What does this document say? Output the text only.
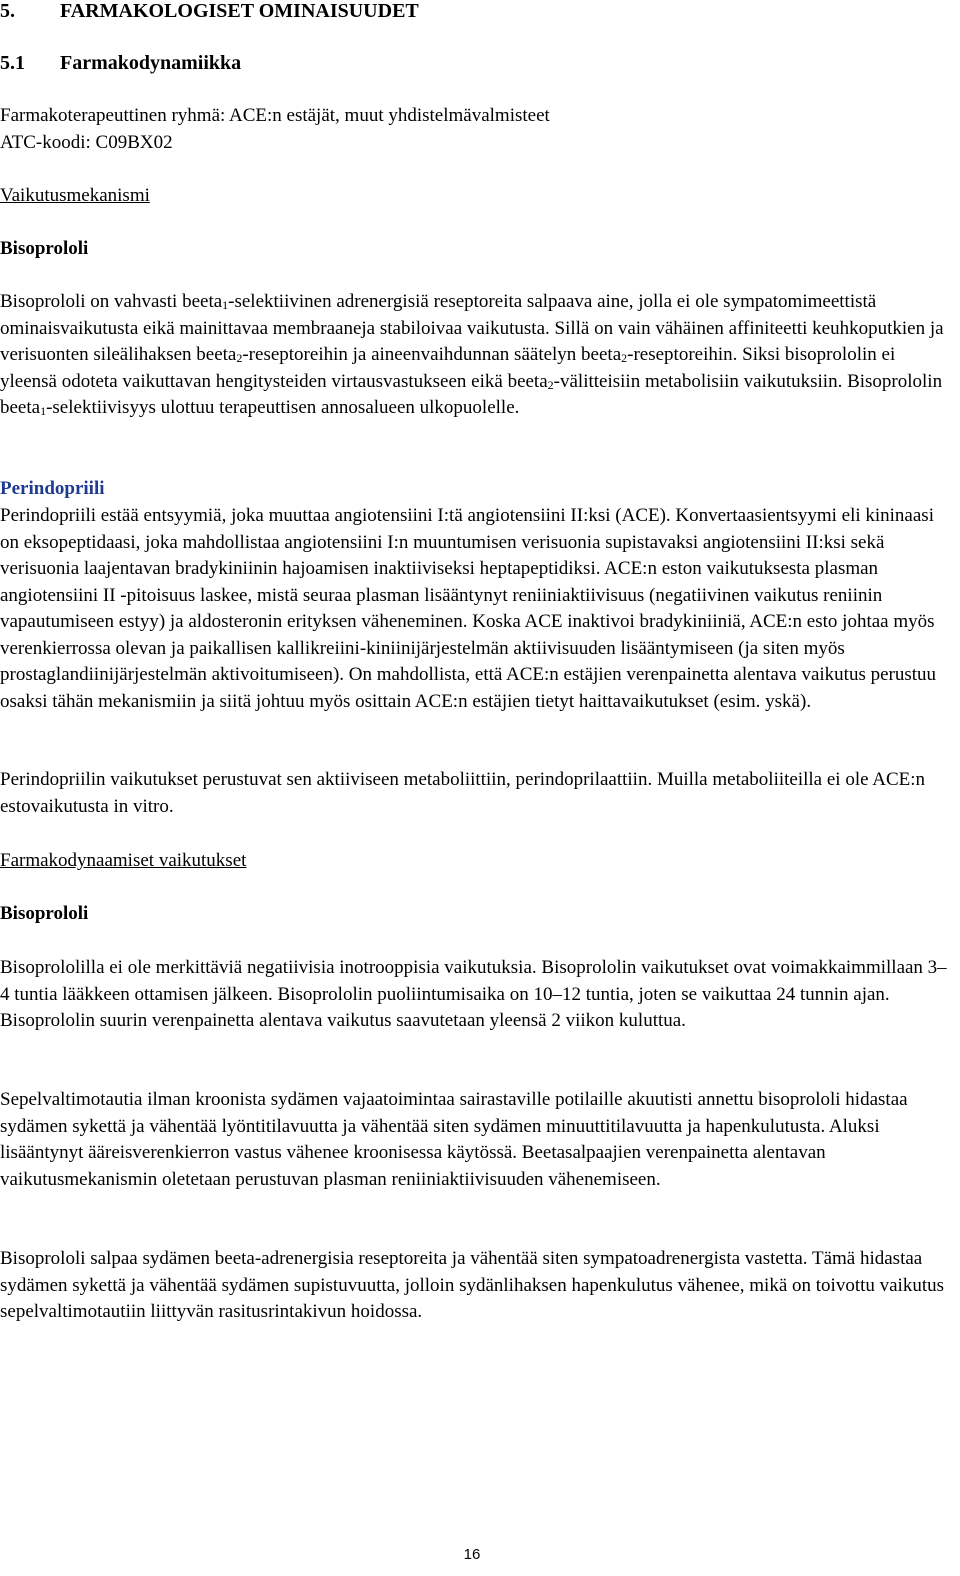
5. FARMAKOLOGISET OMINAISUUDET
5.1 Farmakodynamiikka
Farmakoterapeuttinen ryhmä: ACE:n estäjät, muut yhdistelmävalmisteet
ATC-koodi: C09BX02
Vaikutusmekanismi
Bisoprololi

Bisoprololi on vahvasti beeta$_1$-selektiivinen adrenergisiä reseptoreita salpaava aine, jolla ei ole sympatomimeettistä ominaisvaikutusta eikä mainittavaa membraaneja stabiloivaa vaikutusta. Sillä on vain vähäinen affiniteetti keuhkoputkien ja verisuonten sileälihaksen beeta$_2$-reseptoreihin ja aineenvaihdunnan säätelyn beeta$_2$-reseptoreihin. Siksi bisoprololin ei yleensä odoteta vaikuttavan hengitysteiden virtausvastukseen eikä beeta$_2$-välitteisiin metabolisiin vaikutuksiin. Bisoprololin beeta$_1$-selektiivisyys ulottuu terapeuttisen annosalueen ulkopuolelle.

Perindopriili

Perindopriili estää entsyymiä, joka muuttaa angiotensiini I:tä angiotensiini II:ksi (ACE). Konvertaasientsyymi eli kininaasi on eksopeptidaasi, joka mahdollistaa angiotensiini I:n muuntumisen verisuonia supistavaksi angiotensiini II:ksi sekä verisuonia laajentavan bradykiniinin hajoamisen inaktiiviseksi heptapeptidiksi. ACE:n eston vaikutuksesta plasman angiotensiini II -pitoisuus laskee, mistä seuraa plasman lisääntynyt reniiniaktiivisuus (negatiivinen vaikutus reniinin vapautumiseen estyy) ja aldosteronin erityksen väheneminen. Koska ACE inaktivoi bradykiniiniä, ACE:n esto johtaa myös verenkierrossa olevan ja paikallisen kallikreiini-kiniinijärjestelmän aktiivisuuden lisääntymiseen (ja siten myös prostaglandiinijärjestelmän aktivoitumiseen). On mahdollista, että ACE:n estäjien verenpainetta alentava vaikutus perustuu osaksi tähän mekanismiin ja siitä johtuu myös osittain ACE:n estäjien tietyt haittavaikutukset (esim. yskä).

Perindopriilin vaikutukset perustuvat sen aktiiviseen metaboliittiin, perindoprilaattiin. Muilla metaboliiteilla ei ole ACE:n estovaikutusta in vitro.

Farmakodynaamiset vaikutukset
Bisoprololi

Bisoprololilla ei ole merkittäviä negatiivisia inotrooppisia vaikutuksia. Bisoprololin vaikutukset ovat voimakkaimmillaan 3–4 tuntia lääkkeen ottamisen jälkeen. Bisoprololin puoliintumisaika on 10–12 tuntia, joten se vaikuttaa 24 tunnin ajan. Bisoprololin suurin verenpainetta alentava vaikutus saavutetaan yleensä 2 viikon kuluttua.

Sepelvaltimotautia ilman kroonista sydämen vajaatoimintaa sairastaville potilaille akuutisti annettu bisoprololi hidastaa sydämen sykettä ja vähentää lyöntitilavuutta ja vähentää siten sydämen minuuttitilavuutta ja hapenkulutusta. Aluksi lisääntynyt ääreisverenkierron vastus vähenee kroonisessa käytössä. Beetasalpaajien verenpainetta alentavan vaikutusmekanismin oletetaan perustuvan plasman reniiniaktiivisuuden vähenemiseen.

Bisoprololi salpaa sydämen beeta-adrenergisia reseptoreita ja vähentää siten sympatoadrenergista vastetta. Tämä hidastaa sydämen sykettä ja vähentää sydämen supistuvuutta, jolloin sydänlihaksen hapenkulutus vähenee, mikä on toivottu vaikutus sepelvaltimotautiin liittyvän rasitusrintakivun hoidossa.

16
